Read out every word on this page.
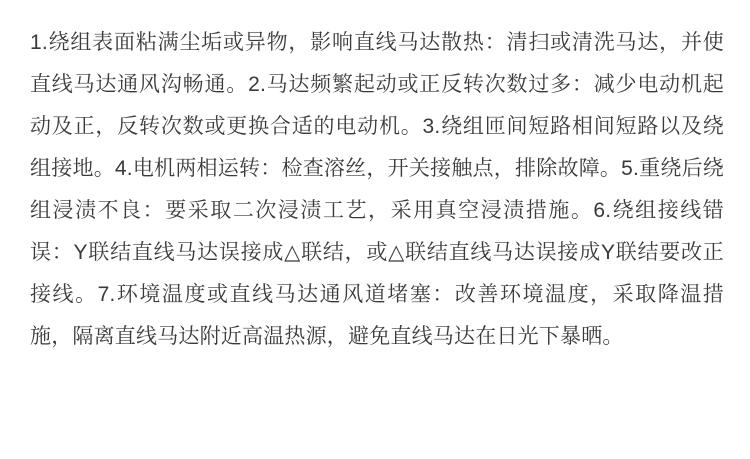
1.绕组表面粘满尘垢或异物，影响直线马达散热：清扫或清洗马达，并使直线马达通风沟畅通。2.马达频繁起动或正反转次数过多：减少电动机起动及正，反转次数或更换合适的电动机。3.绕组匝间短路相间短路以及绕组接地。4.电机两相运转：检查溶丝，开关接触点，排除故障。5.重绕后绕组浸渍不良：要采取二次浸渍工艺，采用真空浸渍措施。6.绕组接线错误：Y联结直线马达误接成△联结，或△联结直线马达误接成Y联结要改正接线。7.环境温度或直线马达通风道堵塞：改善环境温度，采取降温措施，隔离直线马达附近高温热源，避免直线马达在日光下暴晒。
